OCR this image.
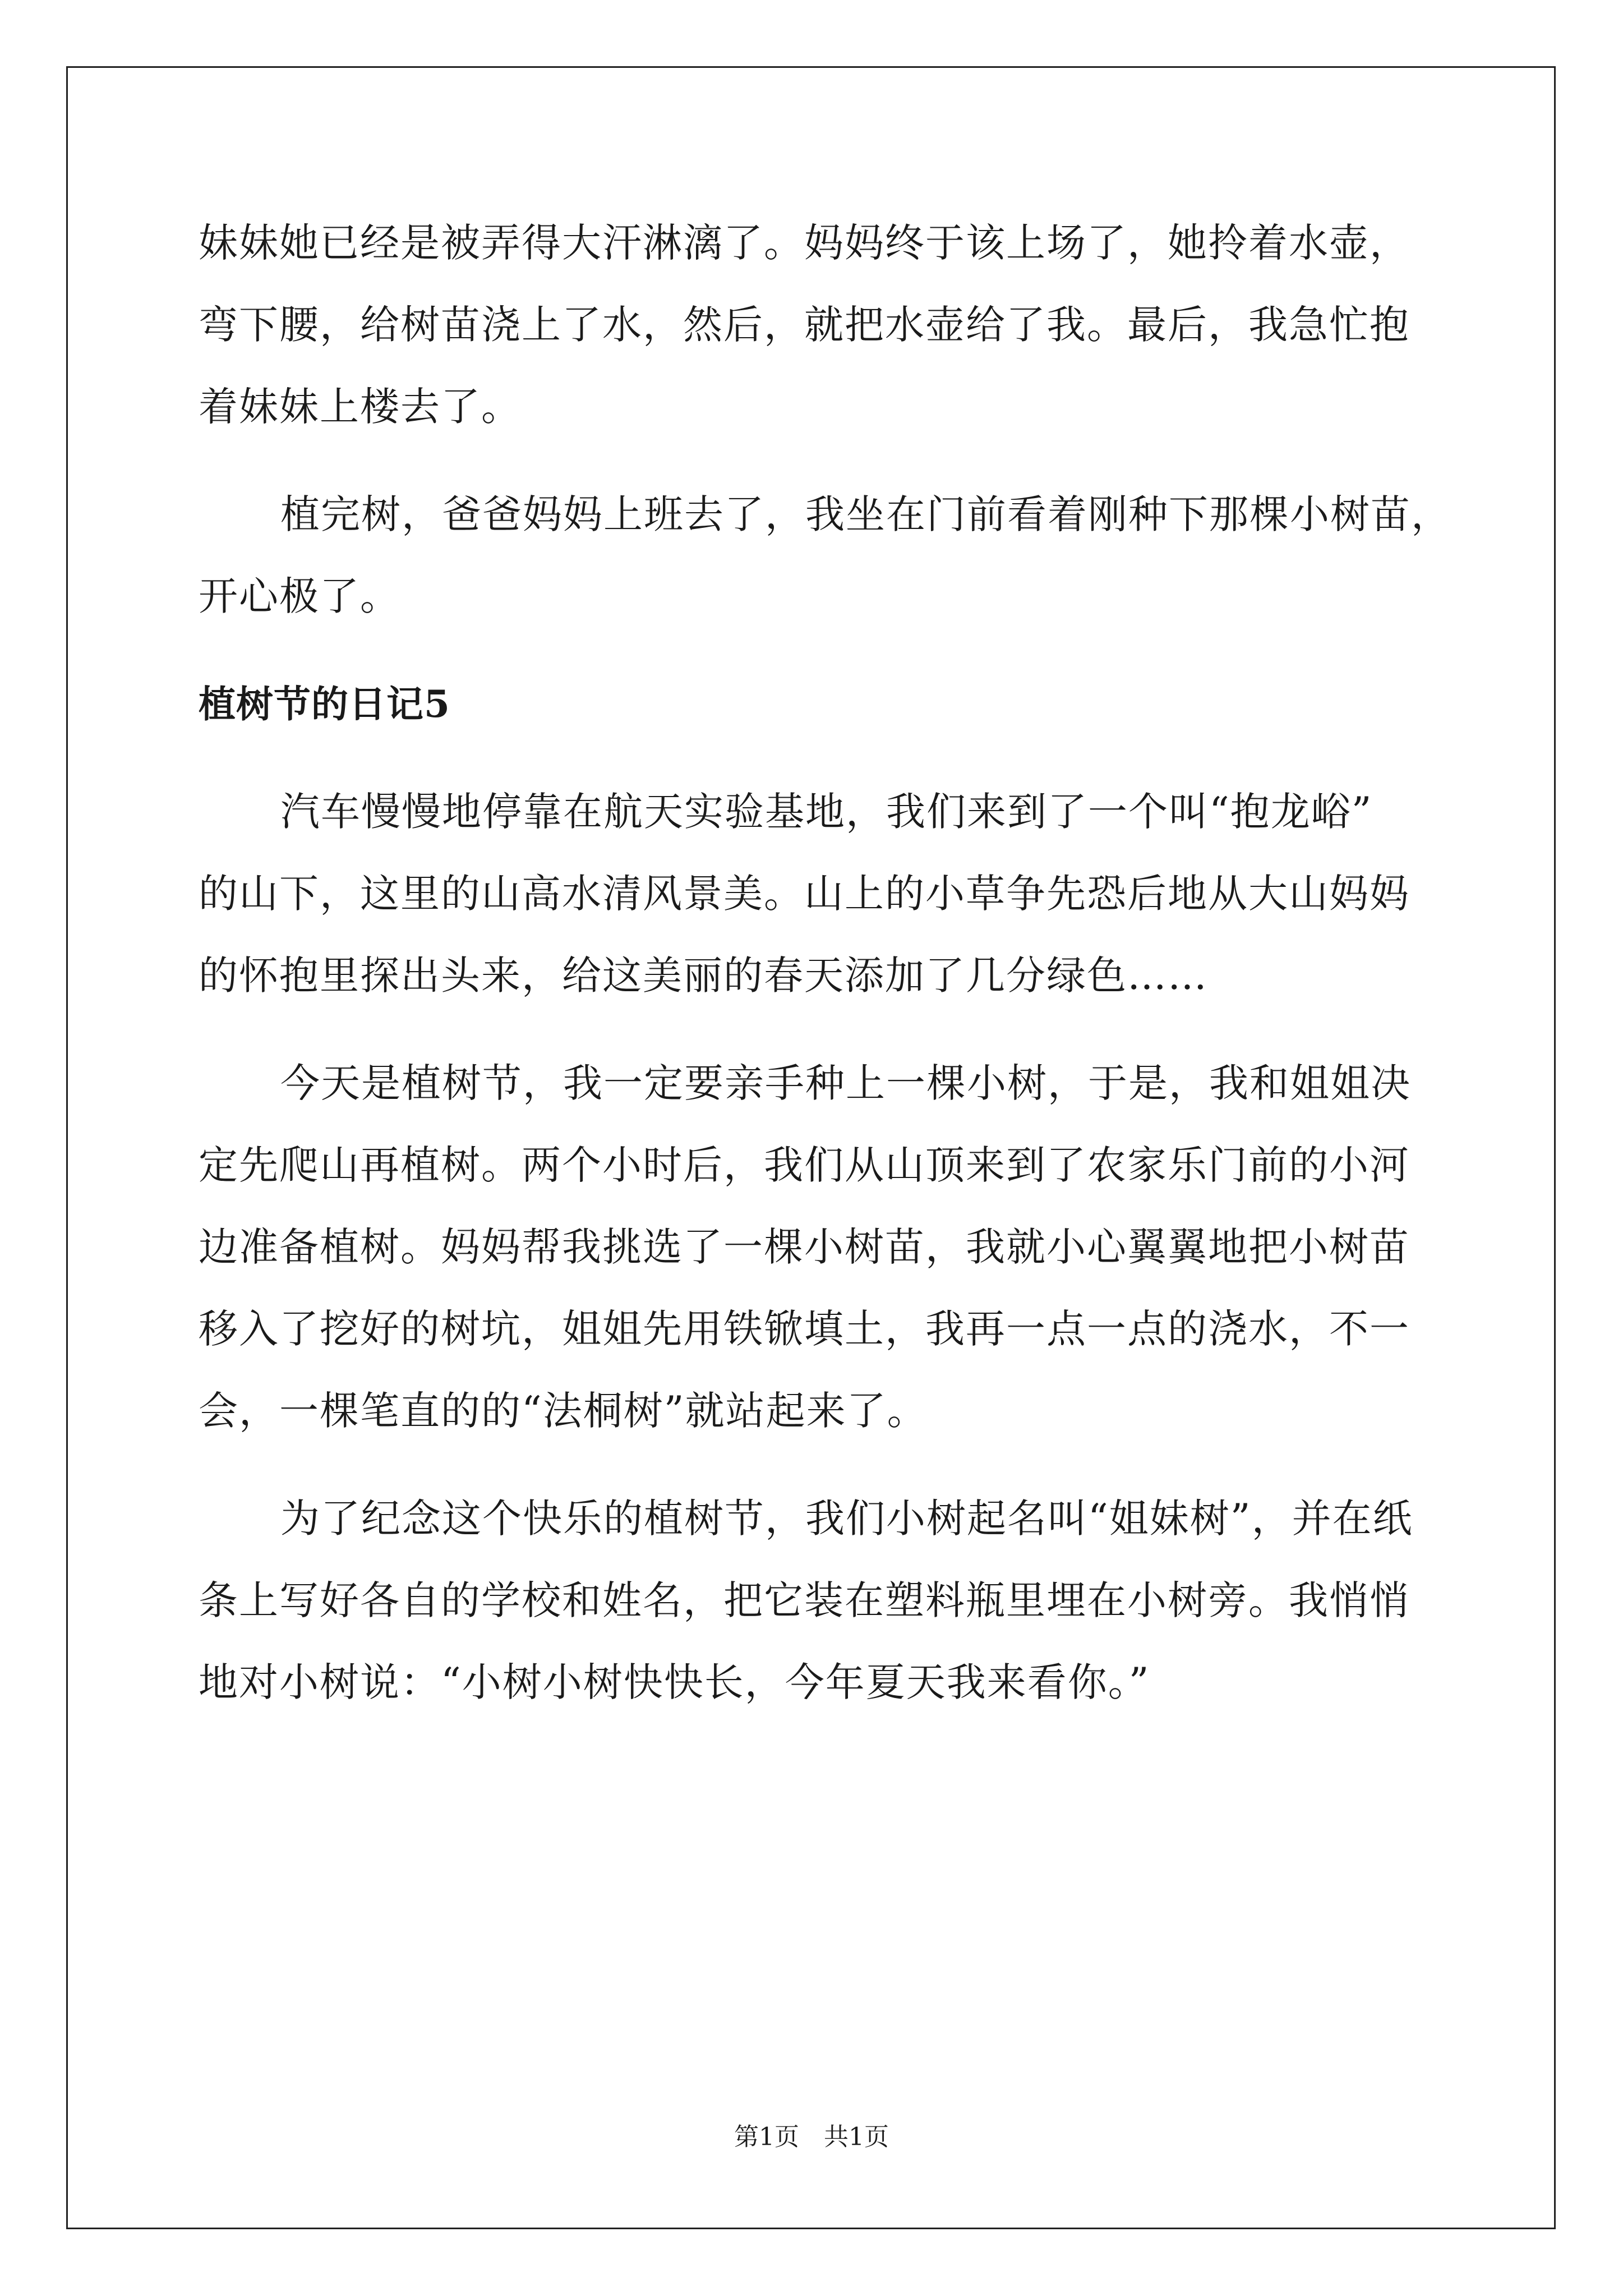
妹妹她已经是被弄得大汗淋漓了。妈妈终于该上场了，她拎着水壶，
弯下腰，给树苗浇上了水，然后，就把水壶给了我。最后，我急忙抱
着妹妹上楼去了。

植完树，爸爸妈妈上班去了，我坐在门前看着刚种下那棵小树苗，
开心极了。

植树节的日记5

汽车慢慢地停靠在航天实验基地，我们来到了一个叫“抱龙峪”
的山下，这里的山高水清风景美。山上的小草争先恐后地从大山妈妈
的怀抱里探出头来，给这美丽的春天添加了几分绿色……

今天是植树节，我一定要亲手种上一棵小树，于是，我和姐姐决
定先爬山再植树。两个小时后，我们从山顶来到了农家乐门前的小河
边准备植树。妈妈帮我挑选了一棵小树苗，我就小心翼翼地把小树苗
移入了挖好的树坑，姐姐先用铁锨填土，我再一点一点的浇水，不一
会，一棵笔直的的“法桐树”就站起来了。

为了纪念这个快乐的植树节，我们小树起名叫“姐妹树”，并在纸
条上写好各自的学校和姓名，把它装在塑料瓶里埋在小树旁。我悄悄
地对小树说：“小树小树快快长，今年夏天我来看你。”

第1页　共1页
